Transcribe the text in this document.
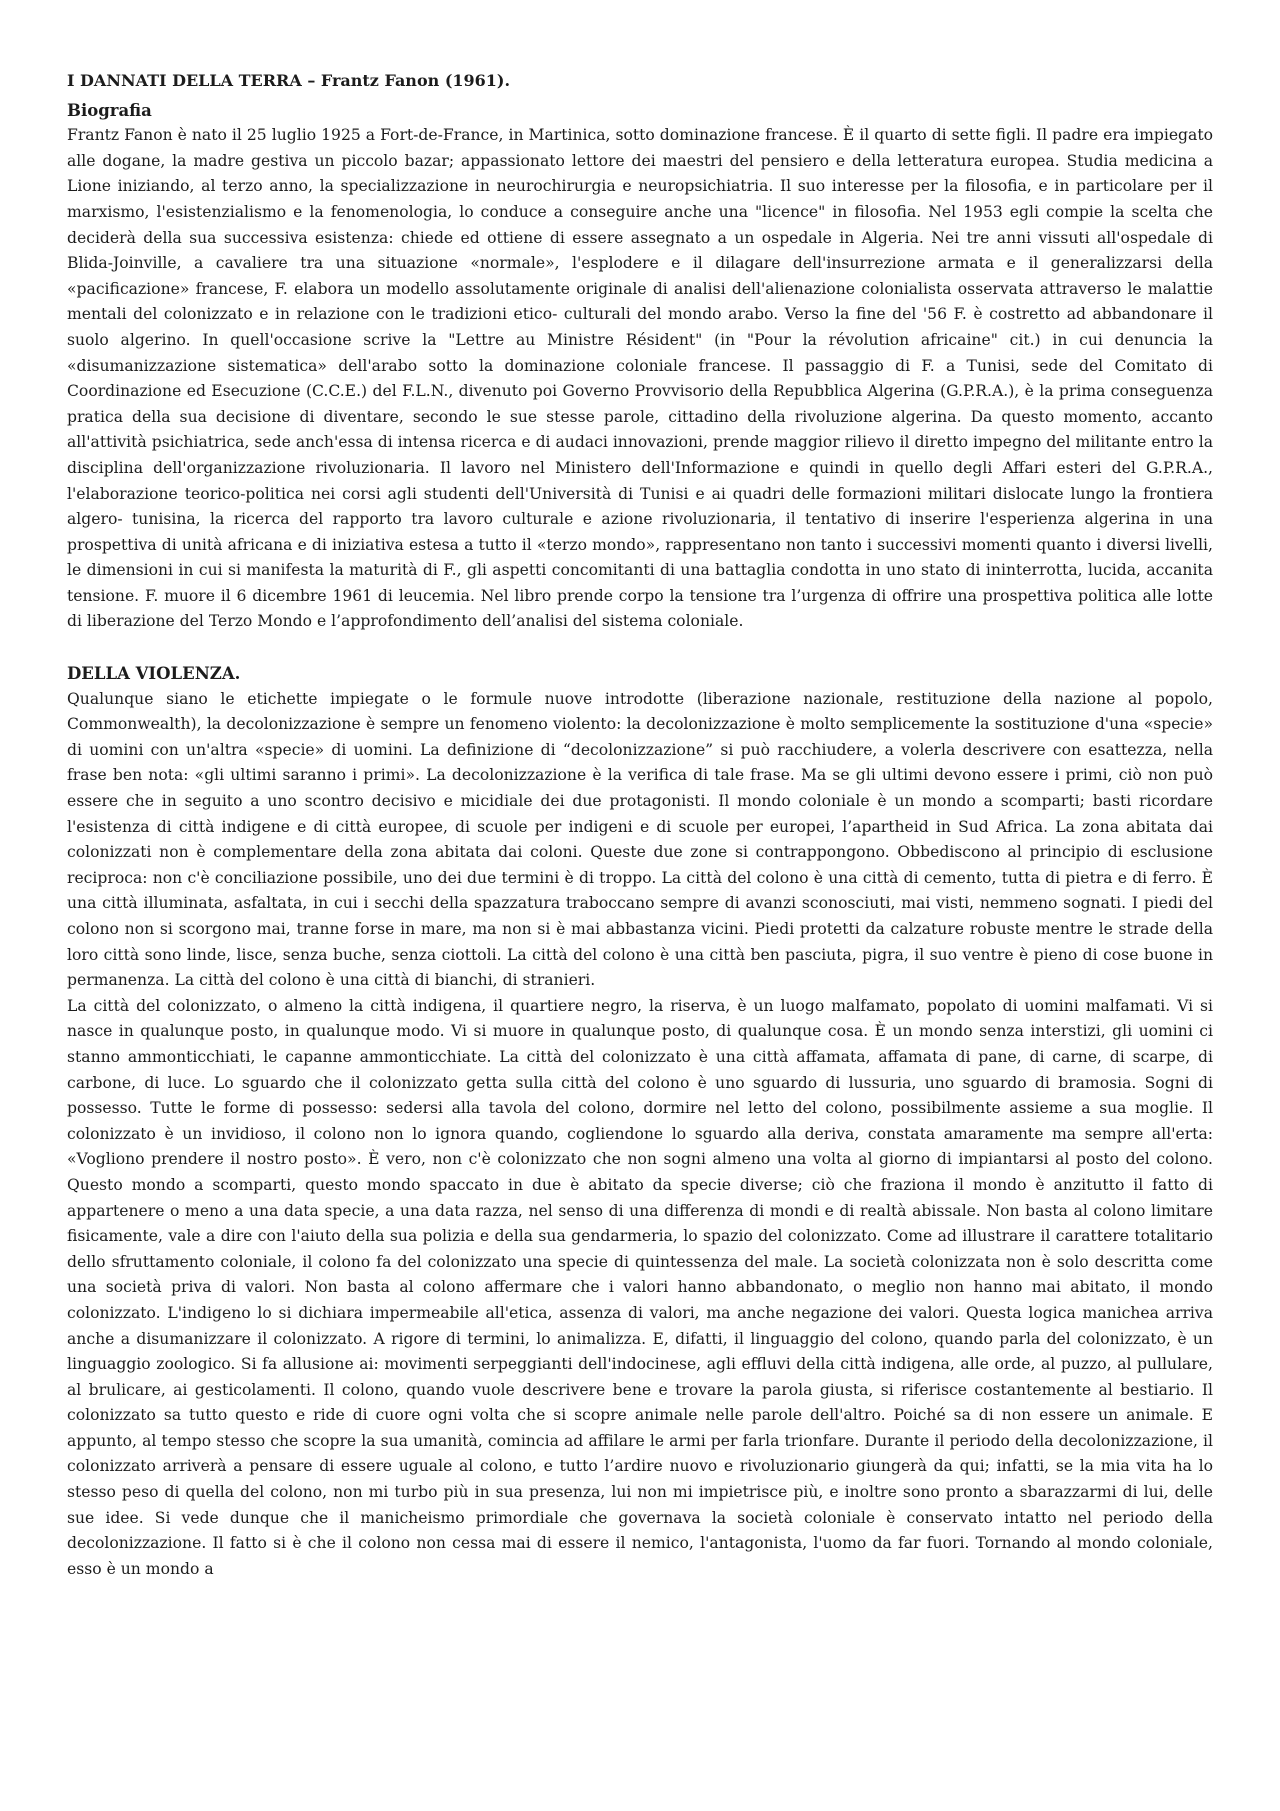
I DANNATI DELLA TERRA – Frantz Fanon (1961).

Biografia

Frantz Fanon è nato il 25 luglio 1925 a Fort-de-France, in Martinica, sotto dominazione francese. È il quarto di sette figli. Il padre era impiegato alle dogane, la madre gestiva un piccolo bazar; appassionato lettore dei maestri del pensiero e della letteratura europea. Studia medicina a Lione iniziando, al terzo anno, la specializzazione in neurochirurgia e neuropsichiatria. Il suo interesse per la filosofia, e in particolare per il marxismo, l'esistenzialismo e la fenomenologia, lo conduce a conseguire anche una "licence" in filosofia. Nel 1953 egli compie la scelta che deciderà della sua successiva esistenza: chiede ed ottiene di essere assegnato a un ospedale in Algeria. Nei tre anni vissuti all'ospedale di Blida-Joinville, a cavaliere tra una situazione «normale», l'esplodere e il dilagare dell'insurrezione armata e il generalizzarsi della «pacificazione» francese, F. elabora un modello assolutamente originale di analisi dell'alienazione colonialista osservata attraverso le malattie mentali del colonizzato e in relazione con le tradizioni etico- culturali del mondo arabo. Verso la fine del '56 F. è costretto ad abbandonare il suolo algerino. In quell'occasione scrive la "Lettre au Ministre Résident" (in "Pour la révolution africaine" cit.) in cui denuncia la «disumanizzazione sistematica» dell'arabo sotto la dominazione coloniale francese. Il passaggio di F. a Tunisi, sede del Comitato di Coordinazione ed Esecuzione (C.C.E.) del F.L.N., divenuto poi Governo Provvisorio della Repubblica Algerina (G.P.R.A.), è la prima conseguenza pratica della sua decisione di diventare, secondo le sue stesse parole, cittadino della rivoluzione algerina. Da questo momento, accanto all'attività psichiatrica, sede anch'essa di intensa ricerca e di audaci innovazioni, prende maggior rilievo il diretto impegno del militante entro la disciplina dell'organizzazione rivoluzionaria. Il lavoro nel Ministero dell'Informazione e quindi in quello degli Affari esteri del G.P.R.A., l'elaborazione teorico-politica nei corsi agli studenti dell'Università di Tunisi e ai quadri delle formazioni militari dislocate lungo la frontiera algero- tunisina, la ricerca del rapporto tra lavoro culturale e azione rivoluzionaria, il tentativo di inserire l'esperienza algerina in una prospettiva di unità africana e di iniziativa estesa a tutto il «terzo mondo», rappresentano non tanto i successivi momenti quanto i diversi livelli, le dimensioni in cui si manifesta la maturità di F., gli aspetti concomitanti di una battaglia condotta in uno stato di ininterrotta, lucida, accanita tensione. F. muore il 6 dicembre 1961 di leucemia. Nel libro prende corpo la tensione tra l’urgenza di offrire una prospettiva politica alle lotte di liberazione del Terzo Mondo e l’approfondimento dell’analisi del sistema coloniale.

DELLA VIOLENZA.

Qualunque siano le etichette impiegate o le formule nuove introdotte (liberazione nazionale, restituzione della nazione al popolo, Commonwealth), la decolonizzazione è sempre un fenomeno violento: la decolonizzazione è molto semplicemente la sostituzione d'una «specie» di uomini con un'altra «specie» di uomini. La definizione di “decolonizzazione” si può racchiudere, a volerla descrivere con esattezza, nella frase ben nota: «gli ultimi saranno i primi». La decolonizzazione è la verifica di tale frase. Ma se gli ultimi devono essere i primi, ciò non può essere che in seguito a uno scontro decisivo e micidiale dei due protagonisti. Il mondo coloniale è un mondo a scomparti; basti ricordare l'esistenza di città indigene e di città europee, di scuole per indigeni e di scuole per europei, l’apartheid in Sud Africa. La zona abitata dai colonizzati non è complementare della zona abitata dai coloni. Queste due zone si contrappongono. Obbediscono al principio di esclusione reciproca: non c'è conciliazione possibile, uno dei due termini è di troppo. La città del colono è una città di cemento, tutta di pietra e di ferro. È una città illuminata, asfaltata, in cui i secchi della spazzatura traboccano sempre di avanzi sconosciuti, mai visti, nemmeno sognati. I piedi del colono non si scorgono mai, tranne forse in mare, ma non si è mai abbastanza vicini. Piedi protetti da calzature robuste mentre le strade della loro città sono linde, lisce, senza buche, senza ciottoli. La città del colono è una città ben pasciuta, pigra, il suo ventre è pieno di cose buone in permanenza. La città del colono è una città di bianchi, di stranieri.

La città del colonizzato, o almeno la città indigena, il quartiere negro, la riserva, è un luogo malfamato, popolato di uomini malfamati. Vi si nasce in qualunque posto, in qualunque modo. Vi si muore in qualunque posto, di qualunque cosa. È un mondo senza interstizi, gli uomini ci stanno ammonticchiati, le capanne ammonticchiate. La città del colonizzato è una città affamata, affamata di pane, di carne, di scarpe, di carbone, di luce. Lo sguardo che il colonizzato getta sulla città del colono è uno sguardo di lussuria, uno sguardo di bramosia. Sogni di possesso. Tutte le forme di possesso: sedersi alla tavola del colono, dormire nel letto del colono, possibilmente assieme a sua moglie. Il colonizzato è un invidioso, il colono non lo ignora quando, cogliendone lo sguardo alla deriva, constata amaramente ma sempre all'erta: «Vogliono prendere il nostro posto». È vero, non c'è colonizzato che non sogni almeno una volta al giorno di impiantarsi al posto del colono. Questo mondo a scomparti, questo mondo spaccato in due è abitato da specie diverse; ciò che fraziona il mondo è anzitutto il fatto di appartenere o meno a una data specie, a una data razza, nel senso di una differenza di mondi e di realtà abissale. Non basta al colono limitare fisicamente, vale a dire con l'aiuto della sua polizia e della sua gendarmeria, lo spazio del colonizzato. Come ad illustrare il carattere totalitario dello sfruttamento coloniale, il colono fa del colonizzato una specie di quintessenza del male. La società colonizzata non è solo descritta come una società priva di valori. Non basta al colono affermare che i valori hanno abbandonato, o meglio non hanno mai abitato, il mondo colonizzato. L'indigeno lo si dichiara impermeabile all'etica, assenza di valori, ma anche negazione dei valori. Questa logica manichea arriva anche a disumanizzare il colonizzato. A rigore di termini, lo animalizza. E, difatti, il linguaggio del colono, quando parla del colonizzato, è un linguaggio zoologico. Si fa allusione ai: movimenti serpeggianti dell'indocinese, agli effluvi della città indigena, alle orde, al puzzo, al pullulare, al brulicare, ai gesticolamenti. Il colono, quando vuole descrivere bene e trovare la parola giusta, si riferisce costantemente al bestiario. Il colonizzato sa tutto questo e ride di cuore ogni volta che si scopre animale nelle parole dell'altro. Poiché sa di non essere un animale. E appunto, al tempo stesso che scopre la sua umanità, comincia ad affilare le armi per farla trionfare. Durante il periodo della decolonizzazione, il colonizzato arriverà a pensare di essere uguale al colono, e tutto l’ardire nuovo e rivoluzionario giungerà da qui; infatti, se la mia vita ha lo stesso peso di quella del colono, non mi turbo più in sua presenza, lui non mi impietrisce più, e inoltre sono pronto a sbarazzarmi di lui, delle sue idee. Si vede dunque che il manicheismo primordiale che governava la società coloniale è conservato intatto nel periodo della decolonizzazione. Il fatto si è che il colono non cessa mai di essere il nemico, l'antagonista, l'uomo da far fuori. Tornando al mondo coloniale, esso è un mondo a
